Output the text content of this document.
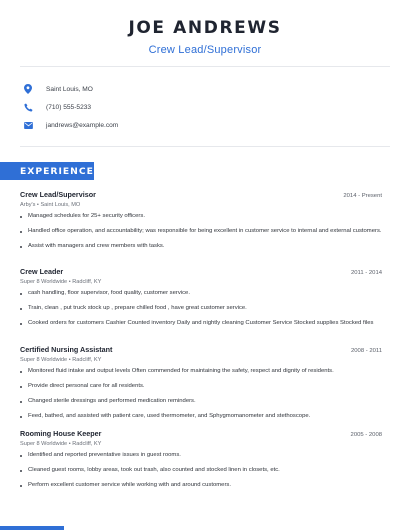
JOE ANDREWS
Crew Lead/Supervisor
Saint Louis, MO
(710) 555-5233
jandrews@example.com
EXPERIENCE
Crew Lead/Supervisor	2014 - Present
Arby's • Saint Louis, MO
Managed schedules for 25+ security officers.
Handled office operation, and accountability; was responsible for being excellent in customer service to internal and external customers.
Assist with managers and crew members with tasks.
Crew Leader	2011 - 2014
Super 8 Worldwide • Radcliff, KY
cash handling, floor supervisor, food quality, customer service.
Train, clean , put truck stock up , prepare chilled food , have great customer service.
Cooked orders for customers Cashier Counted inventory Daily and nightly cleaning Customer Service Stocked supplies Stocked files
Certified Nursing Assistant	2008 - 2011
Super 8 Worldwide • Radcliff, KY
Monitored fluid intake and output levels Often commended for maintaining the safety, respect and dignity of residents.
Provide direct personal care for all residents.
Changed sterile dressings and performed medication reminders.
Feed, bathed, and assisted with patient care, used thermometer, and Sphygmomanometer and stethoscope.
Rooming House Keeper	2005 - 2008
Super 8 Worldwide • Radcliff, KY
Identified and reported preventative issues in guest rooms.
Cleaned guest rooms, lobby areas, took out trash, also counted and stocked linen in closets, etc.
Perform excellent customer service while working with and around customers.
